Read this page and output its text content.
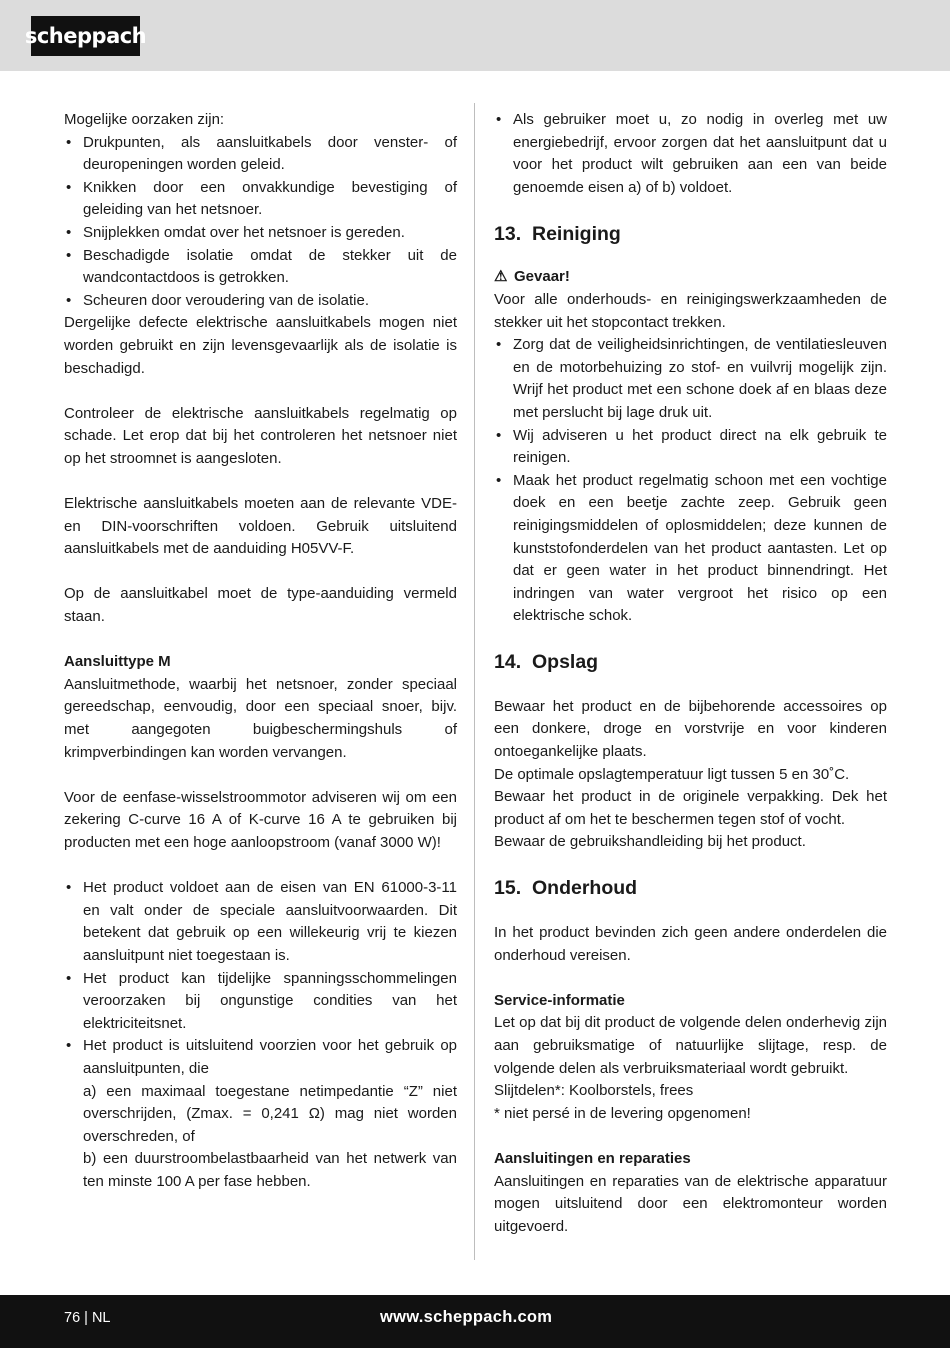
scheppach

Mogelijke oorzaken zijn:

• Drukpunten, als aansluitkabels door venster- of deuropeningen worden geleid.
• Knikken door een onvakkundige bevestiging of geleiding van het netsnoer.
• Snijplekken omdat over het netsnoer is gereden.
• Beschadigde isolatie omdat de stekker uit de wandcontactdoos is getrokken.
• Scheuren door veroudering van de isolatie.

Dergelijke defecte elektrische aansluitkabels mogen niet worden gebruikt en zijn levensgevaarlijk als de isolatie is beschadigd.

Controleer de elektrische aansluitkabels regelmatig op schade. Let erop dat bij het controleren het netsnoer niet op het stroomnet is aangesloten.

Elektrische aansluitkabels moeten aan de relevante VDE- en DIN-voorschriften voldoen. Gebruik uitsluitend aansluitkabels met de aanduiding H05VV-F.

Op de aansluitkabel moet de type-aanduiding vermeld staan.

Aansluittype M

Aansluitmethode, waarbij het netsnoer, zonder speciaal gereedschap, eenvoudig, door een speciaal snoer, bijv. met aangegoten buigbeschermingshuls of krimpverbindingen kan worden vervangen.

Voor de eenfase-wisselstroommotor adviseren wij om een zekering C-curve 16 A of K-curve 16 A te gebruiken bij producten met een hoge aanloopstroom (vanaf 3000 W)!

• Het product voldoet aan de eisen van EN 61000-3-11 en valt onder de speciale aansluitvoorwaarden. Dit betekent dat gebruik op een willekeurig vrij te kiezen aansluitpunt niet toegestaan is.
• Het product kan tijdelijke spanningsschommelingen veroorzaken bij ongunstige condities van het elektriciteitsnet.
• Het product is uitsluitend voorzien voor het gebruik op aansluitpunten, die
a) een maximaal toegestane netimpedantie “Z” niet overschrijden, (Zmax. = 0,241 Ω) mag niet worden overschreden, of
b) een duurstroombelastbaarheid van het netwerk van ten minste 100 A per fase hebben.
• Als gebruiker moet u, zo nodig in overleg met uw energiebedrijf, ervoor zorgen dat het aansluitpunt dat u voor het product wilt gebruiken aan een van beide genoemde eisen a) of b) voldoet.
13. Reiniging

⚠ Gevaar!

Voor alle onderhouds- en reinigingswerkzaamheden de stekker uit het stopcontact trekken.

• Zorg dat de veiligheidsinrichtingen, de ventilatiesleuven en de motorbehuizing zo stof- en vuilvrij mogelijk zijn. Wrijf het product met een schone doek af en blaas deze met perslucht bij lage druk uit.
• Wij adviseren u het product direct na elk gebruik te reinigen.
• Maak het product regelmatig schoon met een vochtige doek en een beetje zachte zeep. Gebruik geen reinigingsmiddelen of oplosmiddelen; deze kunnen de kunststofonderdelen van het product aantasten. Let op dat er geen water in het product binnendringt. Het indringen van water vergroot het risico op een elektrische schok.
14. Opslag

Bewaar het product en de bijbehorende accessoires op een donkere, droge en vorstvrije en voor kinderen ontoegankelijke plaats.

De optimale opslagtemperatuur ligt tussen 5 en 30˚C.

Bewaar het product in de originele verpakking. Dek het product af om het te beschermen tegen stof of vocht.

Bewaar de gebruikshandleiding bij het product.

15. Onderhoud

In het product bevinden zich geen andere onderdelen die onderhoud vereisen.

Service-informatie

Let op dat bij dit product de volgende delen onderhevig zijn aan gebruiksmatige of natuurlijke slijtage, resp. de volgende delen als verbruiksmateriaal wordt gebruikt.

Slijtdelen*: Koolborstels, frees

* niet persé in de levering opgenomen!

Aansluitingen en reparaties

Aansluitingen en reparaties van de elektrische apparatuur mogen uitsluitend door een elektromonteur worden uitgevoerd.

76 | NL	www.scheppach.com
